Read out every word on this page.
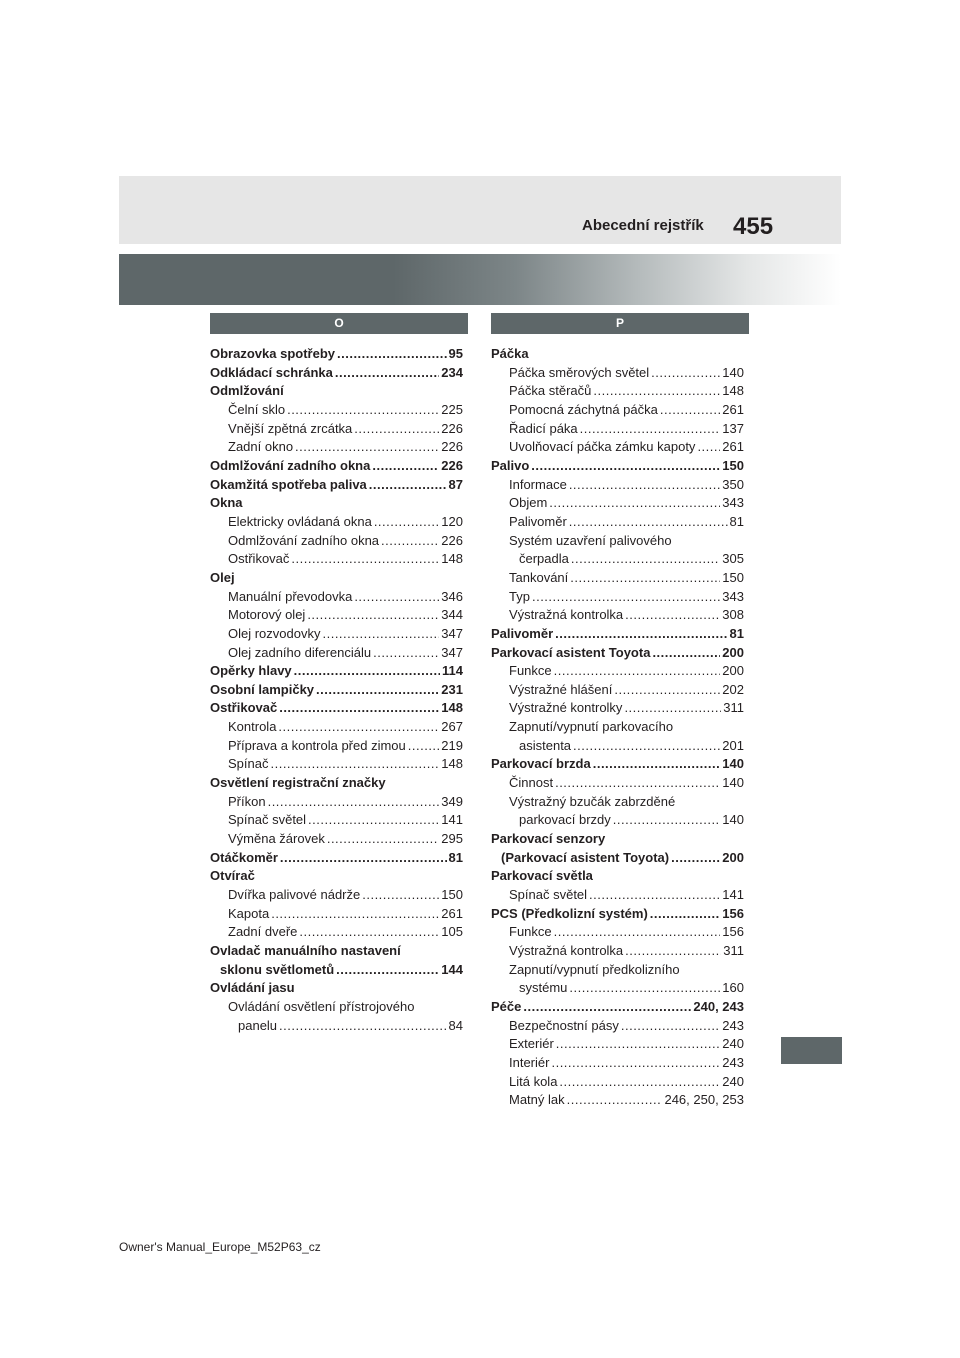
Abecední rejstřík 455
O	P
Obrazovka spotřeby .....	95
Odkládací schránka .....	234
Odmlžování
Čelní sklo .....	225
Vnější zpětná zrcátka .....	226
Zadní okno .....	226
Odmlžování zadního okna .....	226
Okamžitá spotřeba paliva .....	87
Okna
Elektricky ovládaná okna .....	120
Odmlžování zadního okna .....	226
Ostřikovač .....	148
Olej
Manuální převodovka .....	346
Motorový olej .....	344
Olej rozvodovky .....	347
Olej zadního diferenciálu .....	347
Opěrky hlavy .....	114
Osobní lampičky .....	231
Ostřikovač .....	148
Kontrola .....	267
Příprava a kontrola před zimou .....	219
Spínač .....	148
Osvětlení registrační značky
Příkon .....	349
Spínač světel .....	141
Výměna žárovek .....	295
Otáčkoměr .....	81
Otvírač
Dvířka palivové nádrže .....	150
Kapota .....	261
Zadní dveře .....	105
Ovladač manuálního nastavení
sklonu světlometů .....	144
Ovládání jasu
Ovládání osvětlení přístrojového
panelu .....	84
Páčka
Páčka směrových světel .....	140
Páčka stěračů .....	148
Pomocná záchytná páčka .....	261
Řadicí páka .....	137
Uvolňovací páčka zámku kapoty ..... 261
Palivo .....	150
Informace .....	350
Objem .....	343
Palivoměr .....	81
Systém uzavření palivového
čerpadla .....	305
Tankování .....	150
Typ .....	343
Výstražná kontrolka .....	308
Palivoměr .....	81
Parkovací asistent Toyota .....	200
Funkce .....	200
Výstražné hlášení .....	202
Výstražné kontrolky .....	311
Zapnutí/vypnutí parkovacího
asistenta .....	201
Parkovací brzda .....	140
Činnost .....	140
Výstražný bzučák zabrzděné
parkovací brzdy .....	140
Parkovací senzory
(Parkovací asistent Toyota) .....	200
Parkovací světla
Spínač světel .....	141
PCS (Předkolizní systém) .....	156
Funkce .....	156
Výstražná kontrolka .....	311
Zapnutí/vypnutí předkolizního
systému .....	160
Péče .....	240, 243
Bezpečnostní pásy .....	243
Exteriér .....	240
Interiér .....	243
Litá kola .....	240
Matný lak .....	246, 250, 253
Owner's Manual_Europe_M52P63_cz
